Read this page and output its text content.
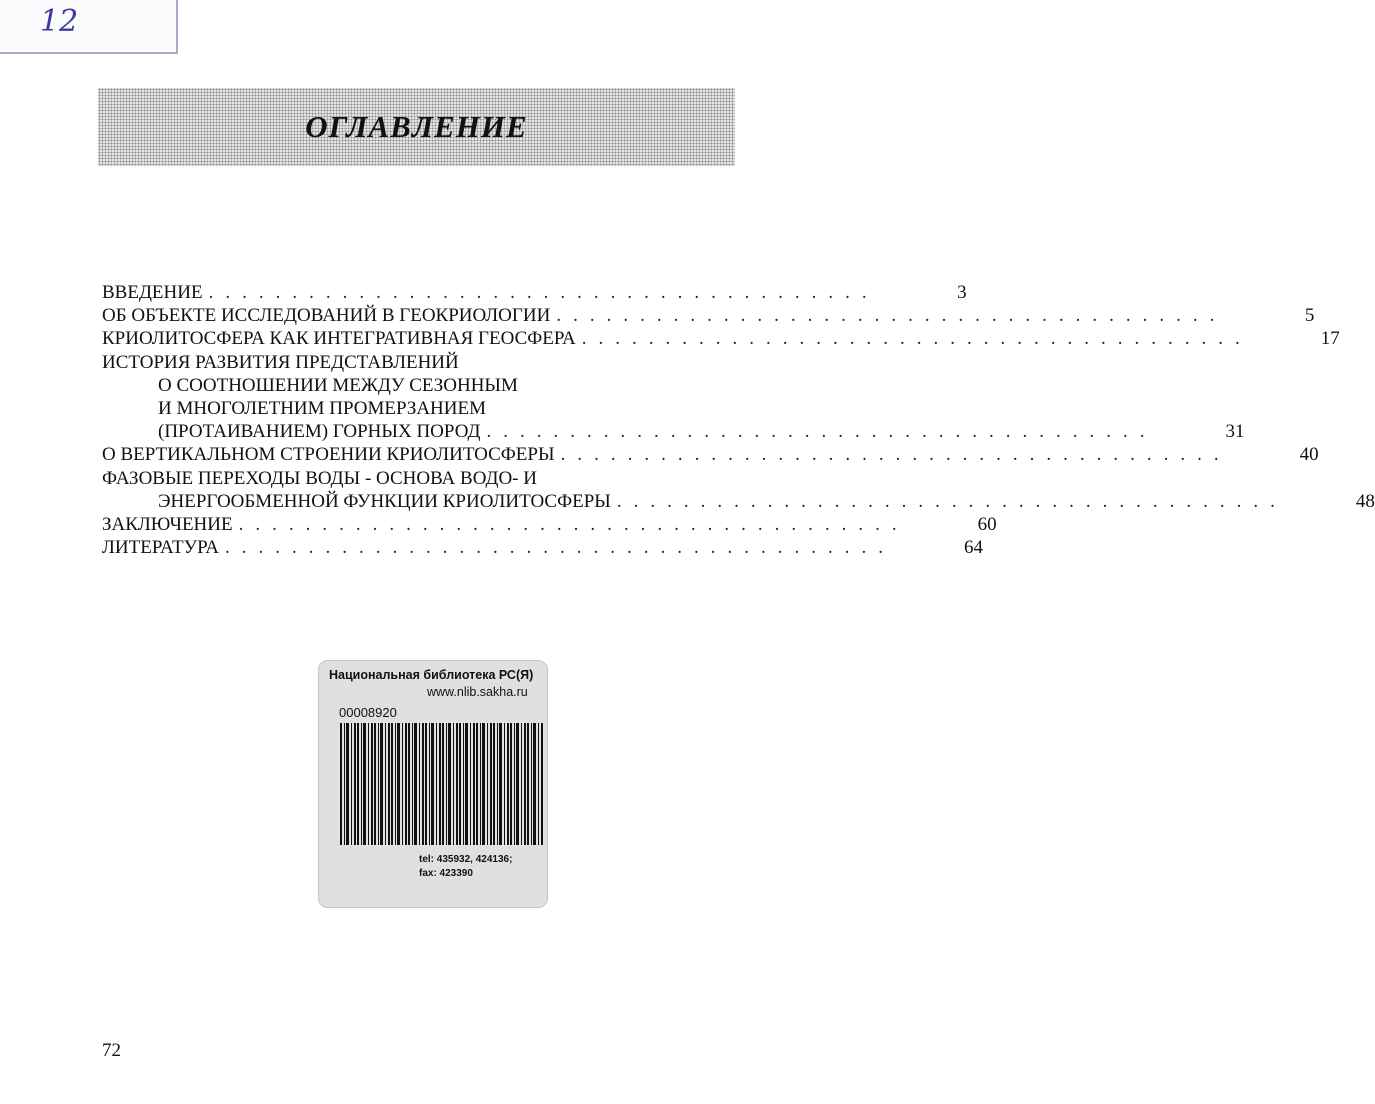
12
ОГЛАВЛЕНИЕ
ВВЕДЕНИЕ ........................................	3
ОБ ОБЪЕКТЕ ИССЛЕДОВАНИЙ В ГЕОКРИОЛОГИИ ........................................	5
КРИОЛИТОСФЕРА КАК ИНТЕГРАТИВНАЯ ГЕОСФЕРА ........................................	17
ИСТОРИЯ РАЗВИТИЯ ПРЕДСТАВЛЕНИЙ
О СООТНОШЕНИИ МЕЖДУ СЕЗОННЫМ
И МНОГОЛЕТНИМ ПРОМЕРЗАНИЕМ
(ПРОТАИВАНИЕМ) ГОРНЫХ ПОРОД ........................................	31
О ВЕРТИКАЛЬНОМ СТРОЕНИИ КРИОЛИТОСФЕРЫ ........................................	40
ФАЗОВЫЕ ПЕРЕХОДЫ ВОДЫ - ОСНОВА ВОДО- И
ЭНЕРГООБМЕННОЙ ФУНКЦИИ КРИОЛИТОСФЕРЫ ........................................	48
ЗАКЛЮЧЕНИЕ ........................................	60
ЛИТЕРАТУРА ........................................	64
Национальная библиотека РС(Я)
www.nlib.sakha.ru
00008920
tel: 435932, 424136;
fax: 423390
72
